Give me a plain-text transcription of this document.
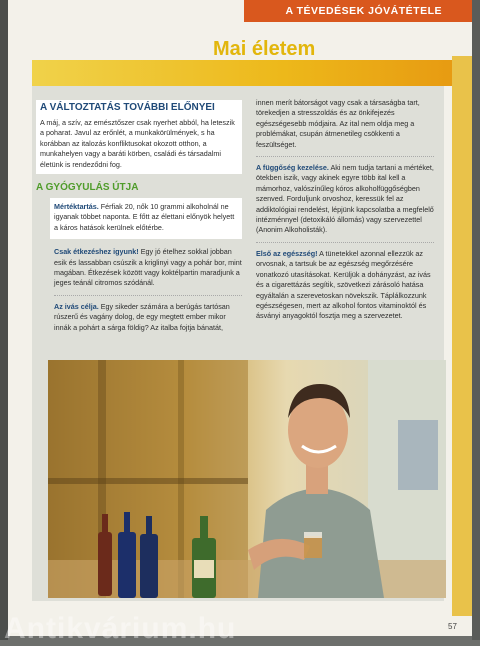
A TÉVEDÉSEK JÓVÁTÉTELE
Mai életem
A VÁLTOZTATÁS TOVÁBBI ELŐNYEI
A máj, a szív, az emésztőszer csak nyerhet abból, ha leteszik a poharat. Javul az erőnlét, a munkakörülmények, s ha korábban az italozás konfliktusokat okozott otthon, a munkahelyen vagy a baráti körben, családi és társadalmi életünk is rendeződni fog.
A GYÓGYULÁS ÚTJA
Mértéktartás. Férfiak 20, nők 10 grammi alkoholnál ne igyanak többet naponta. E főtt az élettani előnyök helyett a káros hatások kerülnek előtérbe.
Csak étkezéshez igyunk! Egy jó ételhez sokkal jobban esik és lassabban csúszik a kriglinyi vagy a pohár bor, mint magában. Étkezések között vagy koktélpartin maradjunk a jeges teánál citromos szódánál.
Az ivás célja. Egy sikeder számára a berúgás tartósan rúszerű és vagány dolog, de egy megtett ember mikor innák a pohárt a sárga földig? Az italba fojtja bánatát,
innen merít bátorságot vagy csak a társaságba tart, törekedjen a stresszoldás és az önkifejezés egészségesebb módjaira. Az ital nem oldja meg a problémákat, csupán átmenetileg csökkenti a feszültséget.
A függőség kezelése. Aki nem tudja tartani a mértéket, ötekben iszik, vagy akinek egyre több ital kell a mámorhoz, valószínűleg kóros alkoholfüggőségben szenved. Forduljunk orvoshoz, keressük fel az addiktológiai rendelést, lépjünk kapcsolatba a megfelelő intézménnyel (detoxikáló állomás) vagy szervezettel (Anonim Alkoholisták).
Első az egészség! A tünetekkel azonnal ellezzük az orvosnak, a tartsuk be az egészség megőrzésére vonatkozó utasításokat. Kerüljük a dohányzást, az ivás és a cigarettázás segítik, szövetkezi zárásoló hatása egyáltalán a szerevetoskan növekszik. Táplálkozzunk egészségesen, mert az alkohol fontos vitaminoktól és ásványi anyagoktól fosztja meg a szervezetet.
57
Antikvárium.hu
